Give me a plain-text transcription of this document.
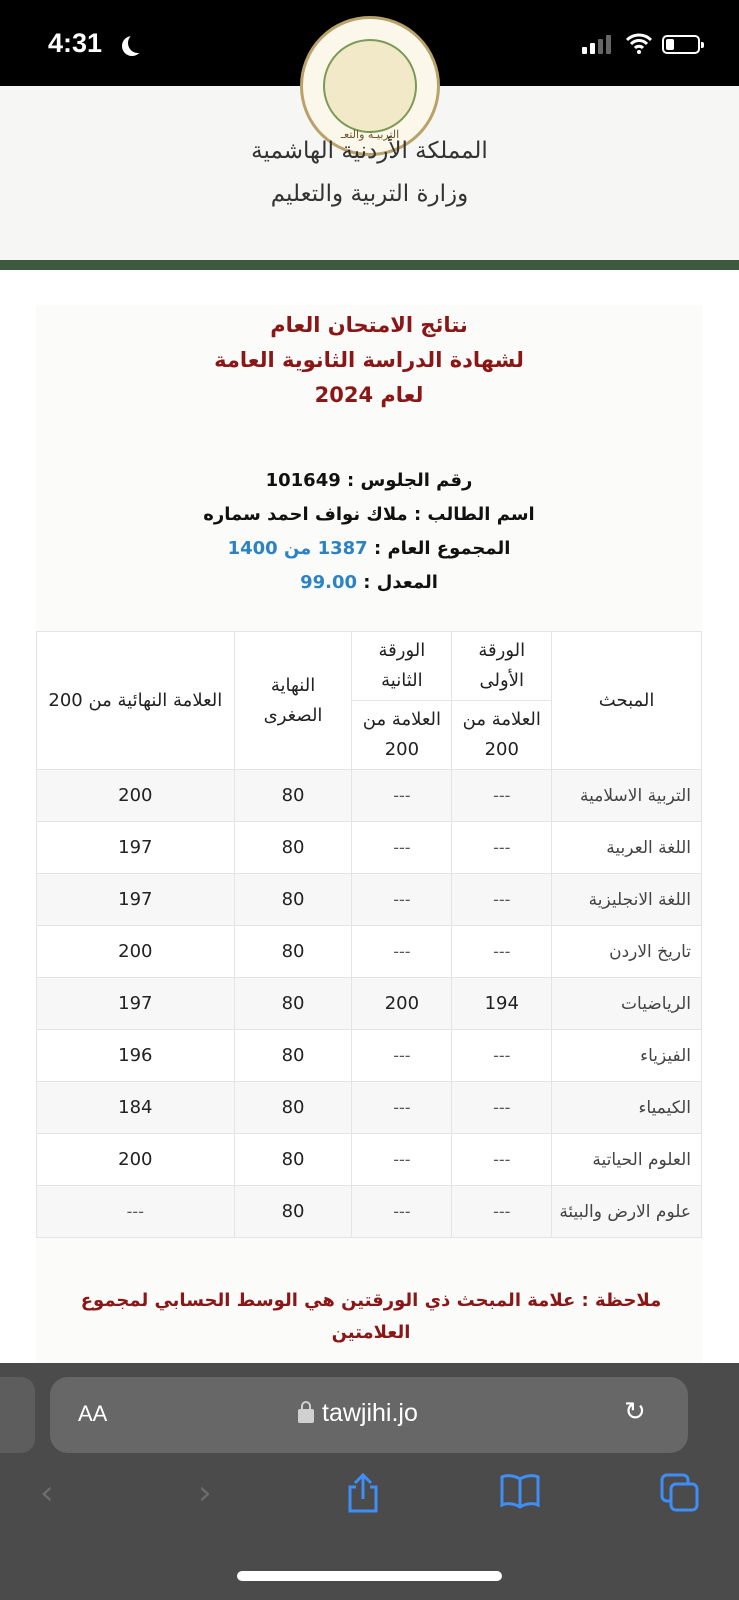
4:31
التربيـة والتعـ
المملكة الأردنية الهاشمية
وزارة التربية والتعليم
نتائج الامتحان العام
لشهادة الدراسة الثانوية العامة
لعام 2024
رقم الجلوس : 101649
اسم الطالب : ملاك نواف احمد سماره
المجموع العام : 1387 من 1400
المعدل : 99.00
المبحث	الورقة الأولى	الورقة الثانية	النهاية الصغرى	العلامة النهائية من 200
	العلامة من 200	العلامة من 200		
التربية الاسلامية	---	---	80	200
اللغة العربية	---	---	80	197
اللغة الانجليزية	---	---	80	197
تاريخ الاردن	---	---	80	200
الرياضيات	194	200	80	197
الفيزياء	---	---	80	196
الكيمياء	---	---	80	184
العلوم الحياتية	---	---	80	200
علوم الارض والبيئة	---	---	80	---
ملاحظة : علامة المبحث ذي الورقتين هي الوسط الحسابي لمجموع العلامتين
AA	tawjihi.jo	↻
‹	›
